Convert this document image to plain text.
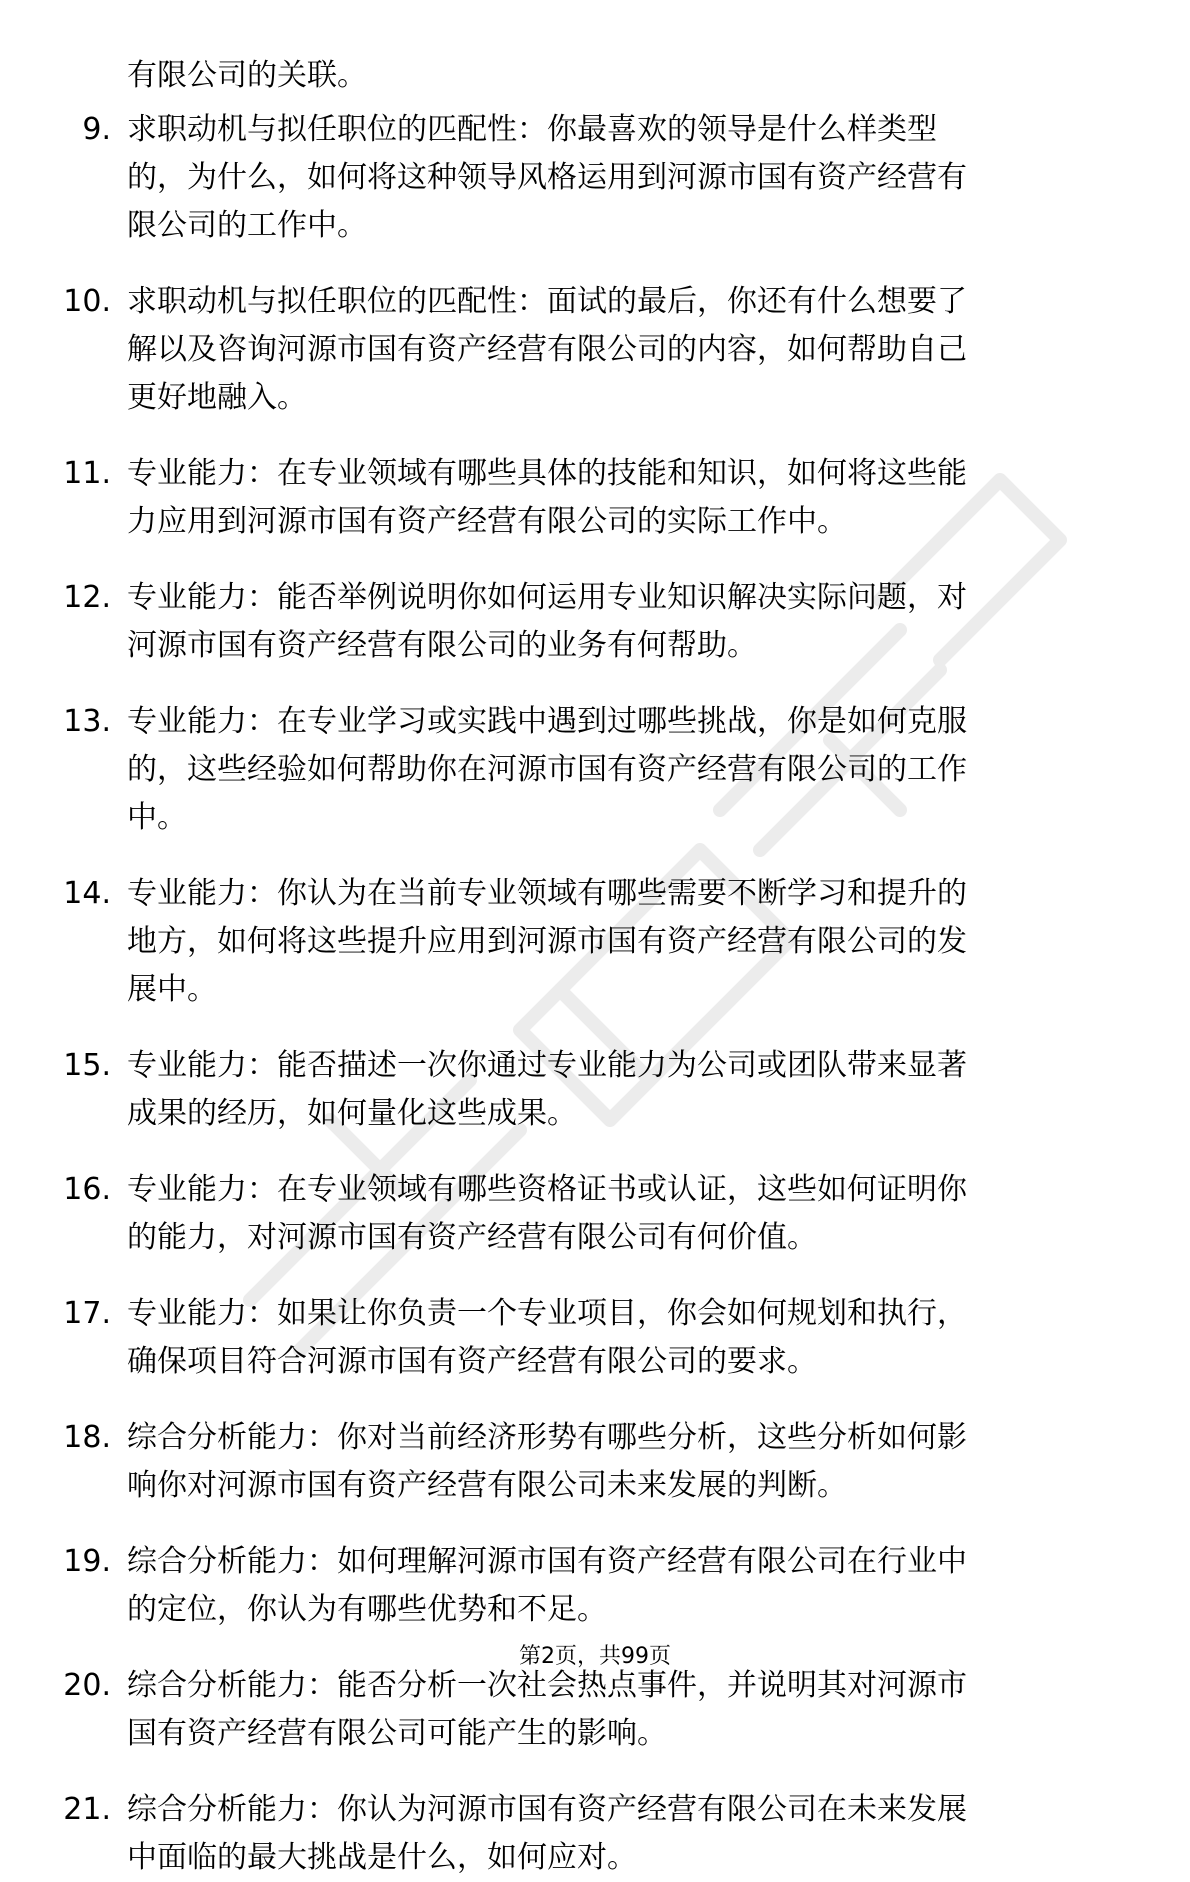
有限公司的关联。
9. 求职动机与拟任职位的匹配性：你最喜欢的领导是什么样类型
的，为什么，如何将这种领导风格运用到河源市国有资产经营有
限公司的工作中。
10. 求职动机与拟任职位的匹配性：面试的最后，你还有什么想要了
解以及咨询河源市国有资产经营有限公司的内容，如何帮助自己
更好地融入。
11. 专业能力：在专业领域有哪些具体的技能和知识，如何将这些能
力应用到河源市国有资产经营有限公司的实际工作中。
12. 专业能力：能否举例说明你如何运用专业知识解决实际问题，对
河源市国有资产经营有限公司的业务有何帮助。
13. 专业能力：在专业学习或实践中遇到过哪些挑战，你是如何克服
的，这些经验如何帮助你在河源市国有资产经营有限公司的工作
中。
14. 专业能力：你认为在当前专业领域有哪些需要不断学习和提升的
地方，如何将这些提升应用到河源市国有资产经营有限公司的发
展中。
15. 专业能力：能否描述一次你通过专业能力为公司或团队带来显著
成果的经历，如何量化这些成果。
16. 专业能力：在专业领域有哪些资格证书或认证，这些如何证明你
的能力，对河源市国有资产经营有限公司有何价值。
17. 专业能力：如果让你负责一个专业项目，你会如何规划和执行，
确保项目符合河源市国有资产经营有限公司的要求。
18. 综合分析能力：你对当前经济形势有哪些分析，这些分析如何影
响你对河源市国有资产经营有限公司未来发展的判断。
19. 综合分析能力：如何理解河源市国有资产经营有限公司在行业中
的定位，你认为有哪些优势和不足。
20. 综合分析能力：能否分析一次社会热点事件，并说明其对河源市
国有资产经营有限公司可能产生的影响。
21. 综合分析能力：你认为河源市国有资产经营有限公司在未来发展
中面临的最大挑战是什么，如何应对。
第2页，共99页
